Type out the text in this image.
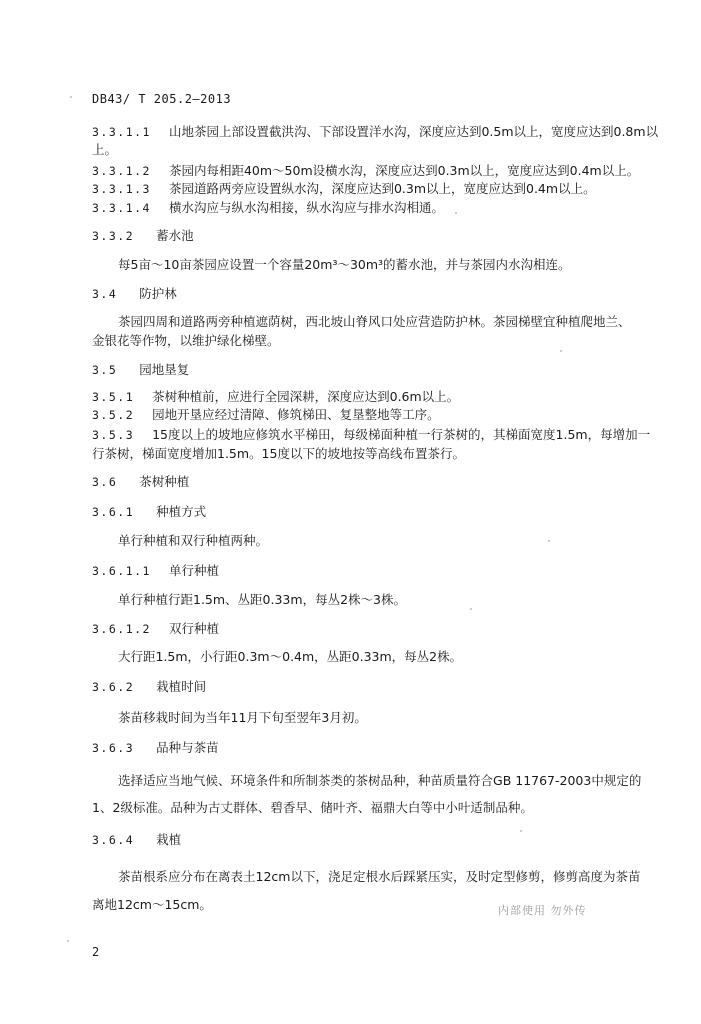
DB43/ T 205.2—2013
3.3.1.1 山地茶园上部设置截洪沟、下部设置洋水沟，深度应达到0.5m以上，宽度应达到0.8m以
上。
3.3.1.2 茶园内每相距40m～50m设横水沟，深度应达到0.3m以上，宽度应达到0.4m以上。
3.3.1.3 茶园道路两旁应设置纵水沟，深度应达到0.3m以上，宽度应达到0.4m以上。
3.3.1.4 横水沟应与纵水沟相接，纵水沟应与排水沟相通。
3.3.2 蓄水池
每5亩～10亩茶园应设置一个容量20m³～30m³的蓄水池，并与茶园内水沟相连。
3.4 防护林
茶园四周和道路两旁种植遮荫树，西北坡山脊风口处应营造防护林。茶园梯壁宜种植爬地兰、
金银花等作物，以维护绿化梯壁。
3.5 园地垦复
3.5.1 茶树种植前，应进行全园深耕，深度应达到0.6m以上。
3.5.2 园地开垦应经过清障、修筑梯田、复垦整地等工序。
3.5.3 15度以上的坡地应修筑水平梯田，每级梯面种植一行茶树的，其梯面宽度1.5m，每增加一
行茶树，梯面宽度增加1.5m。15度以下的坡地按等高线布置茶行。
3.6 茶树种植
3.6.1 种植方式
单行种植和双行种植两种。
3.6.1.1 单行种植
单行种植行距1.5m、丛距0.33m，每丛2株～3株。
3.6.1.2 双行种植
大行距1.5m，小行距0.3m～0.4m，丛距0.33m，每丛2株。
3.6.2 栽植时间
茶苗移栽时间为当年11月下旬至翌年3月初。
3.6.3 品种与茶苗
选择适应当地气候、环境条件和所制茶类的茶树品种，种苗质量符合GB 11767-2003中规定的
1、2级标准。品种为古丈群体、碧香早、储叶齐、福鼎大白等中小叶适制品种。
3.6.4 栽植
茶苗根系应分布在离表土12cm以下，浇足定根水后踩紧压实，及时定型修剪，修剪高度为茶苗
离地12cm～15cm。	内部使用 勿外传
2
